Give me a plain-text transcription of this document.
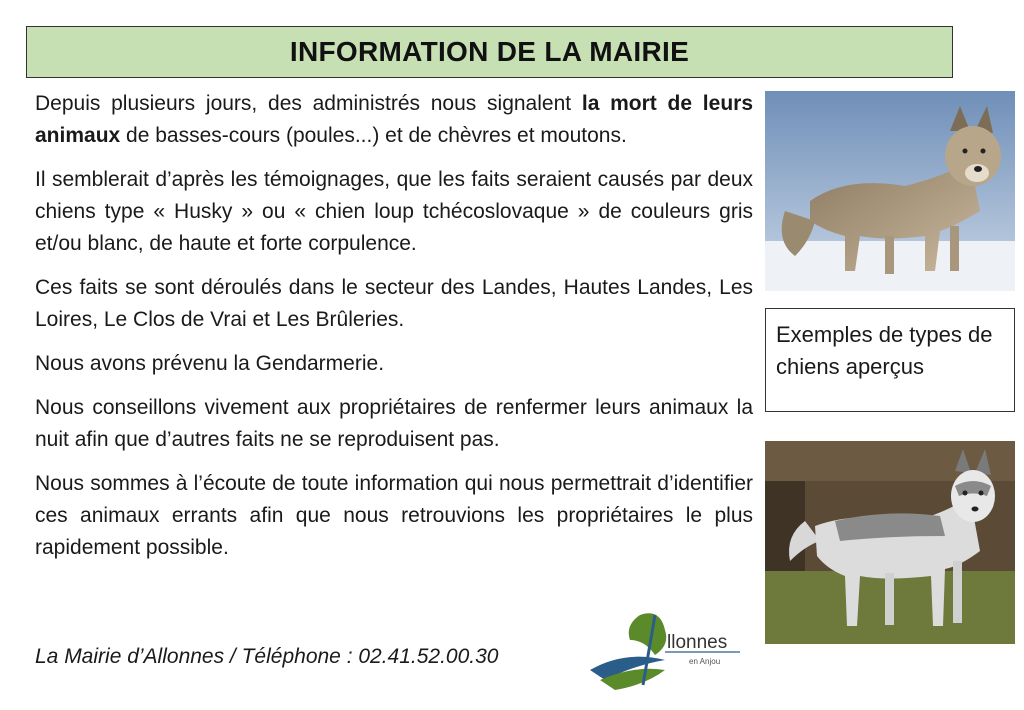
INFORMATION DE LA MAIRIE

Depuis plusieurs jours, des administrés nous signalent la mort de leurs animaux de basses-cours (poules...) et de chèvres et moutons.

Il semblerait d’après les témoignages, que les faits seraient causés par deux chiens type « Husky » ou « chien loup tchécoslovaque » de couleurs gris et/ou blanc, de haute et forte corpulence.

Ces faits se sont déroulés dans le secteur des Landes, Hautes Landes, Les Loires, Le Clos de Vrai et Les Brûleries.

Nous avons prévenu la Gendarmerie.

Nous conseillons vivement aux propriétaires de renfermer leurs animaux la nuit afin que d’autres faits ne se reproduisent pas.

Nous sommes à l’écoute de toute information qui nous permettrait d’identifier ces animaux errants afin que nous retrouvions les propriétaires le plus rapidement possible.

La Mairie d’Allonnes / Téléphone : 02.41.52.00.30
Exemples de types de chiens aperçus
llonnes
en Anjou
